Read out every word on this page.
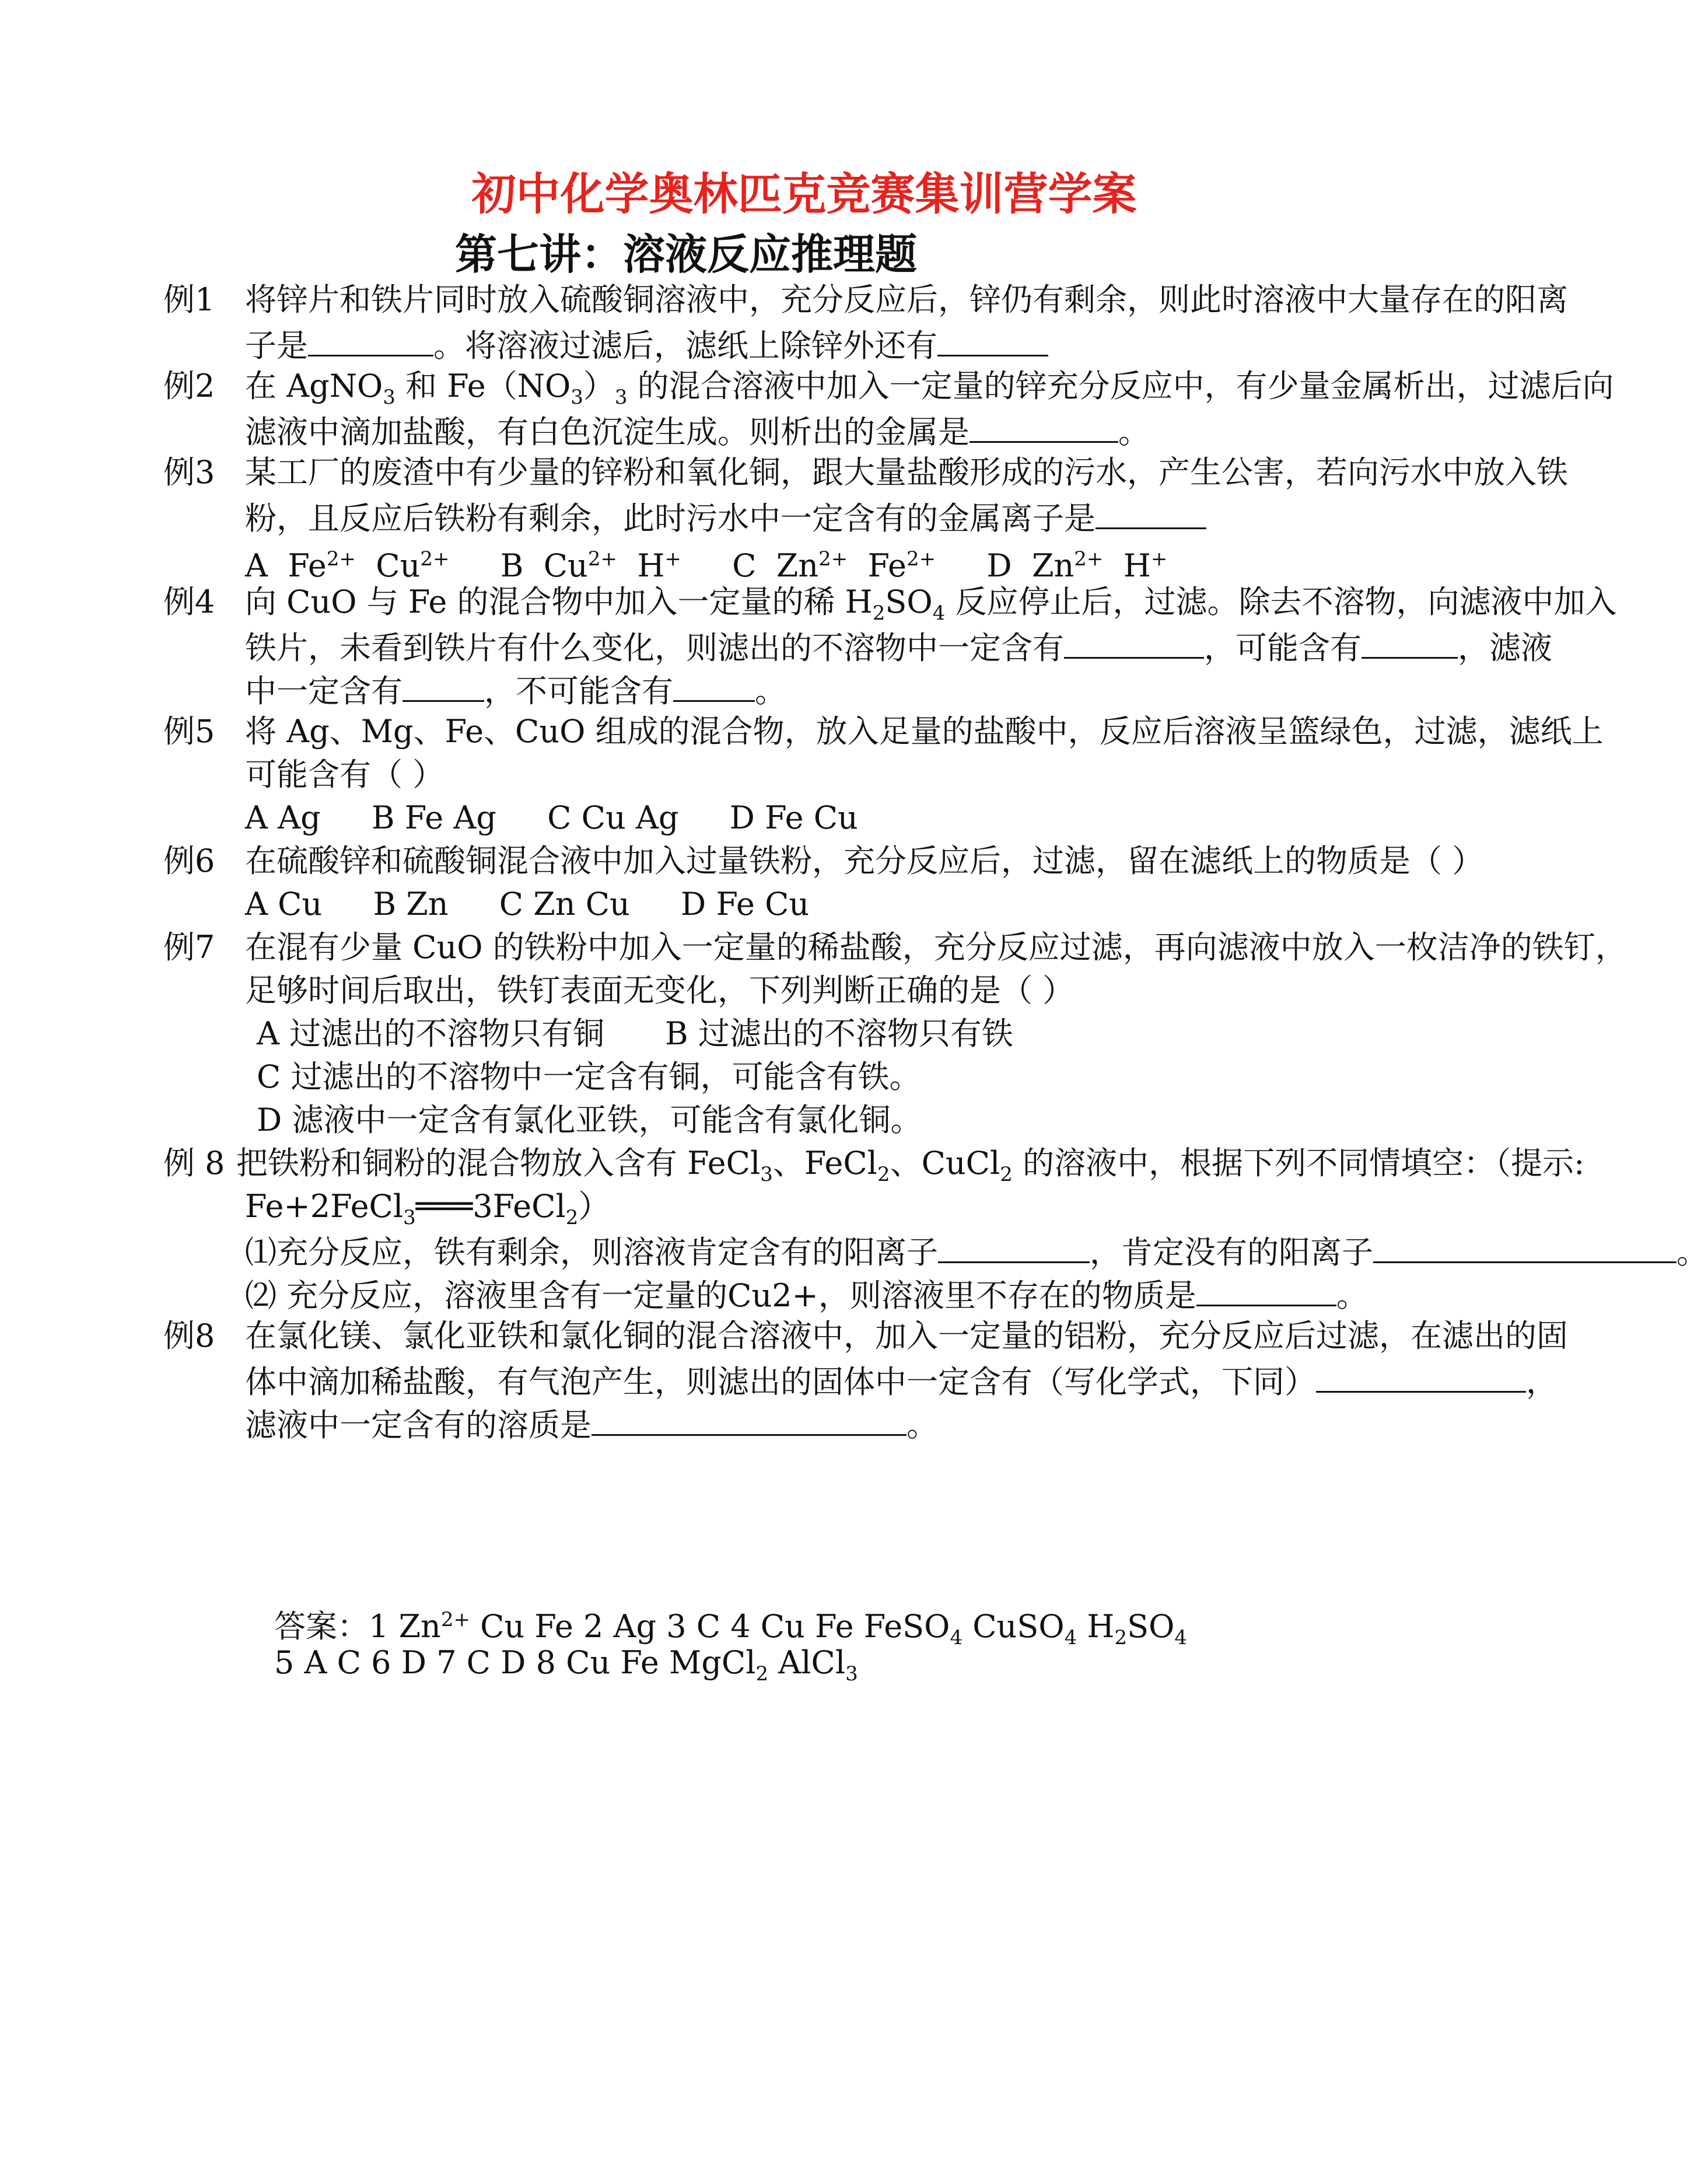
初中化学奥林匹克竞赛集训营学案
第七讲：溶液反应推理题
例1 将锌片和铁片同时放入硫酸铜溶液中，充分反应后，锌仍有剩余，则此时溶液中大量存在的阳离
子是	。将溶液过滤后，滤纸上除锌外还有
例2 在 AgNO$_3$ 和 $Fe(NO_3)_3$ 的混合溶液中加入一定量的锌充分反应中，有少量金属析出，过滤后向
滤液中滴加盐酸，有白色沉淀生成。则析出的金属是	。
例3 某工厂的废渣中有少量的锌粉和氧化铜，跟大量盐酸形成的污水，产生公害，若向污水中放入铁
粉，且反应后铁粉有剩余，此时污水中一定含有的金属离子是
A $Fe^{2+}$ $Cu^{2+}$ B $Cu^{2+}$ H+ C $Zn^{2+}$ $Fe^{2+}$ D $Zn^{2+}$ H+
例4 向 CuO 与 Fe 的混合物中加入一定量的稀 $H_2SO_4$ 反应停止后，过滤。除去不溶物，向滤液中加入
铁片，未看到铁片有什么变化，则滤出的不溶物中一定含有	，可能含有	，滤液
中一定含有	，不可能含有	。
例5 将 Ag、Mg、Fe、CuO 组成的混合物，放入足量的盐酸中，反应后溶液呈篮绿色，过滤，滤纸上
可能含有（ ）
A Ag B Fe Ag C Cu Ag D Fe Cu
例6 在硫酸锌和硫酸铜混合液中加入过量铁粉，充分反应后，过滤，留在滤纸上的物质是（ ）
A Cu B Zn C Zn Cu D Fe Cu
例7 在混有少量 CuO 的铁粉中加入一定量的稀盐酸，充分反应过滤，再向滤液中放入一枚洁净的铁钉，
足够时间后取出，铁钉表面无变化，下列判断正确的是（ ）
A 过滤出的不溶物只有铜 B 过滤出的不溶物只有铁
C 过滤出的不溶物中一定含有铜，可能含有铁。
D 滤液中一定含有氯化亚铁，可能含有氯化铜。
例 8 把铁粉和铜粉的混合物放入含有 FeCl$_3$、FeCl$_2$、CuCl$_2$ 的溶液中，根据下列不同情填空：（提示:
Fe+2FeCl$_3$═══3FeCl$_2$）
⑴充分反应，铁有剩余，则溶液肯定含有的阳离子	，肯定没有的阳离子	。
⑵ 充分反应，溶液里含有一定量的Cu2+，则溶液里不存在的物质是	。
例8 在氯化镁、氯化亚铁和氯化铜的混合溶液中，加入一定量的铝粉，充分反应后过滤，在滤出的固
体中滴加稀盐酸，有气泡产生，则滤出的固体中一定含有（写化学式，下同）	，
滤液中一定含有的溶质是	。
答案：1 $Zn^{2+}$ Cu Fe 2 Ag 3 C 4 Cu Fe FeSO$_4$ CuSO$_4$ $H_2SO_4$
5 A C 6 D 7 C D 8 Cu Fe MgCl$_2$ AlCl$_3$
